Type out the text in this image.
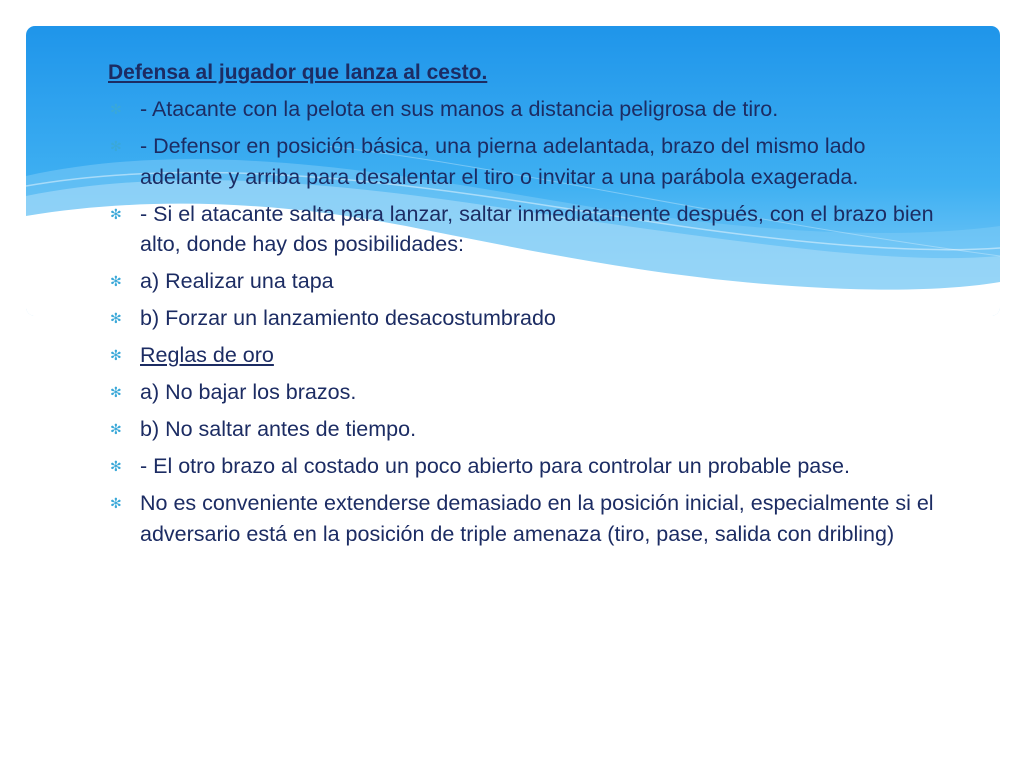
Defensa al jugador que lanza al cesto.
✻ - Atacante con la pelota en sus manos a distancia peligrosa de tiro.
✻ - Defensor en posición básica, una pierna adelantada, brazo del mismo lado adelante y arriba para desalentar el tiro o invitar a una parábola exagerada.
✻ - Si el atacante salta para lanzar, saltar inmediatamente después, con el brazo bien alto, donde hay dos posibilidades:
✻ a) Realizar una tapa
✻ b) Forzar un lanzamiento desacostumbrado
✻ Reglas de oro
✻ a) No bajar los brazos.
✻ b) No saltar antes de tiempo.
✻ - El otro brazo al costado un poco abierto para controlar un probable pase.
✻ No es conveniente extenderse demasiado en la posición inicial, especialmente si el adversario está en la posición de triple amenaza (tiro, pase, salida con dribling)
